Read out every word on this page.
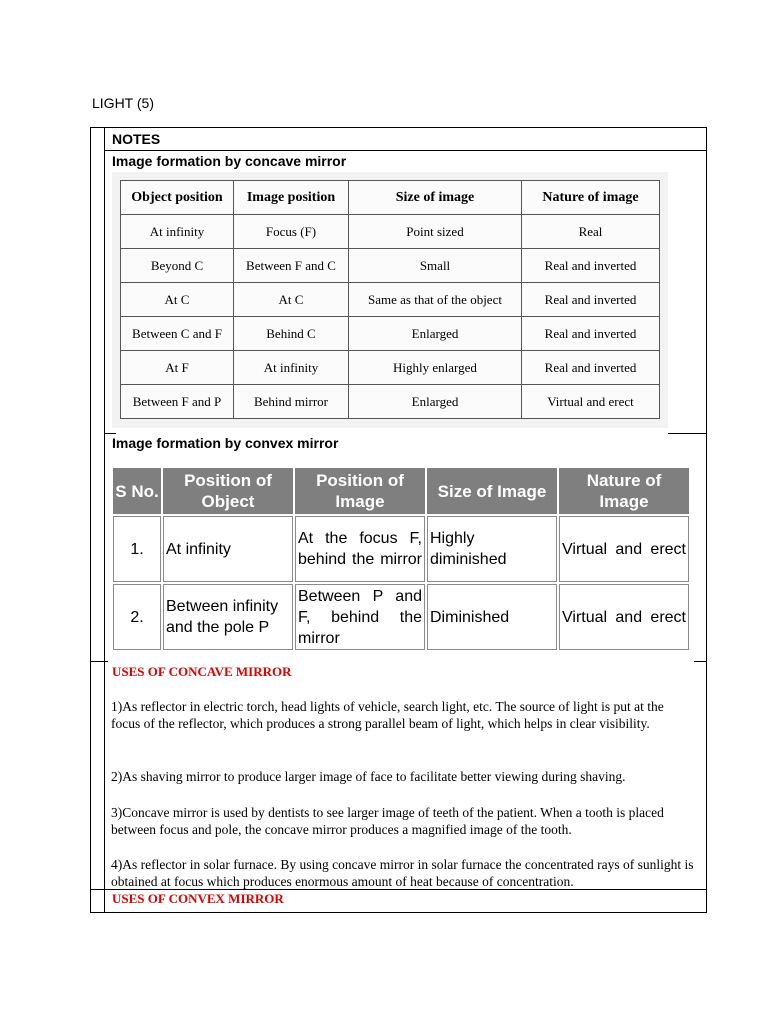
LIGHT (5)
NOTES
Image formation by concave mirror
Object position	Image position	Size of image	Nature of image
At infinity	Focus (F)	Point sized	Real
Beyond C	Between F and C	Small	Real and inverted
At C	At C	Same as that of the object	Real and inverted
Between C and F	Behind C	Enlarged	Real and inverted
At F	At infinity	Highly enlarged	Real and inverted
Between F and P	Behind mirror	Enlarged	Virtual and erect
Image formation by convex mirror
S No.	Position of Object	Position of Image	Size of Image	Nature of Image
1.	At infinity	At the focus F, behind the mirror	Highly diminished	Virtual and erect
2.	Between infinity and the pole P	Between P and F, behind the mirror	Diminished	Virtual and erect
USES OF CONCAVE MIRROR
1)As reflector in electric torch, head lights of vehicle, search light, etc. The source of light is put at the focus of the reflector, which produces a strong parallel beam of light, which helps in clear visibility.
2)As shaving mirror to produce larger image of face to facilitate better viewing during shaving.
3)Concave mirror is used by dentists to see larger image of teeth of the patient. When a tooth is placed between focus and pole, the concave mirror produces a magnified image of the tooth.
4)As reflector in solar furnace. By using concave mirror in solar furnace the concentrated rays of sunlight is obtained at focus which produces enormous amount of heat because of concentration.
USES OF CONVEX MIRROR
